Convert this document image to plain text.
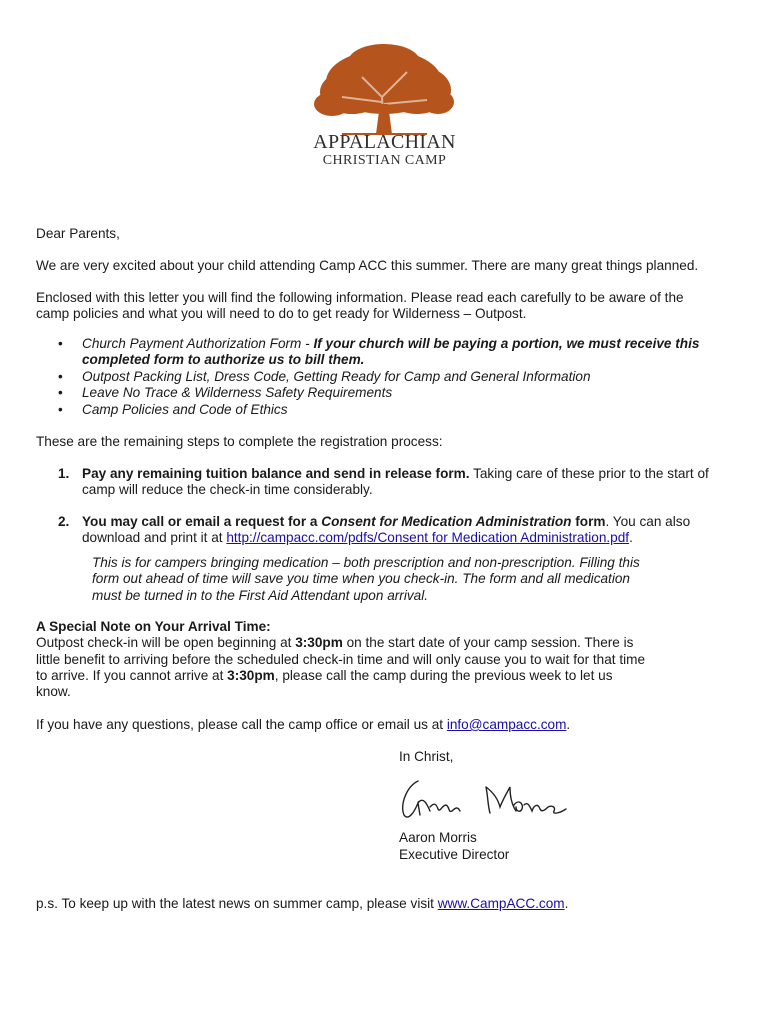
APPALACHIAN
CHRISTIAN CAMP

Dear Parents,

We are very excited about your child attending Camp ACC this summer. There are many great things planned.

Enclosed with this letter you will find the following information. Please read each carefully to be aware of the

camp policies and what you will need to do to get ready for Wilderness – Outpost.

• Church Payment Authorization Form - If your church will be paying a portion, we must receive this
completed form to authorize us to bill them.
• Outpost Packing List, Dress Code, Getting Ready for Camp and General Information
• Leave No Trace & Wilderness Safety Requirements
• Camp Policies and Code of Ethics

These are the remaining steps to complete the registration process:

1. Pay any remaining tuition balance and send in release form. Taking care of these prior to the start of
camp will reduce the check-in time considerably.
2. You may call or email a request for a Consent for Medication Administration form. You can also
download and print it at http://campacc.com/pdfs/Consent for Medication Administration.pdf.
This is for campers bringing medication – both prescription and non-prescription. Filling this
form out ahead of time will save you time when you check-in. The form and all medication
must be turned in to the First Aid Attendant upon arrival.

A Special Note on Your Arrival Time:

Outpost check-in will be open beginning at 3:30pm on the start date of your camp session. There is

little benefit to arriving before the scheduled check-in time and will only cause you to wait for that time

to arrive. If you cannot arrive at 3:30pm, please call the camp during the previous week to let us

know.

If you have any questions, please call the camp office or email us at info@campacc.com.

In Christ,

Aaron Morris

Executive Director

p.s. To keep up with the latest news on summer camp, please visit www.CampACC.com.
